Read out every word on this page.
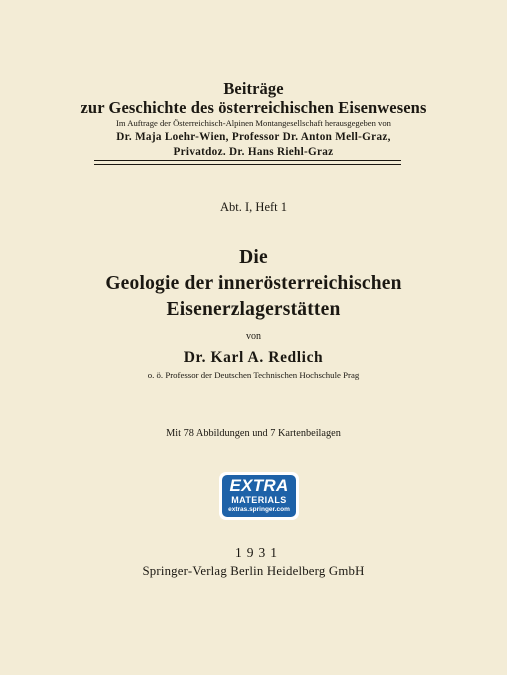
Beiträge
zur Geschichte des österreichischen Eisenwesens
Im Auftrage der Österreichisch-Alpinen Montangesellschaft herausgegeben von
Dr. Maja Loehr-Wien, Professor Dr. Anton Mell-Graz,
Privatdoz. Dr. Hans Riehl-Graz
Abt. I, Heft 1
Die
Geologie der innerösterreichischen
Eisenerzlagerstätten
von
Dr. Karl A. Redlich
o. ö. Professor der Deutschen Technischen Hochschule Prag
Mit 78 Abbildungen und 7 Kartenbeilagen
EXTRA
MATERIALS
extras.springer.com
1931
Springer-Verlag Berlin Heidelberg GmbH
